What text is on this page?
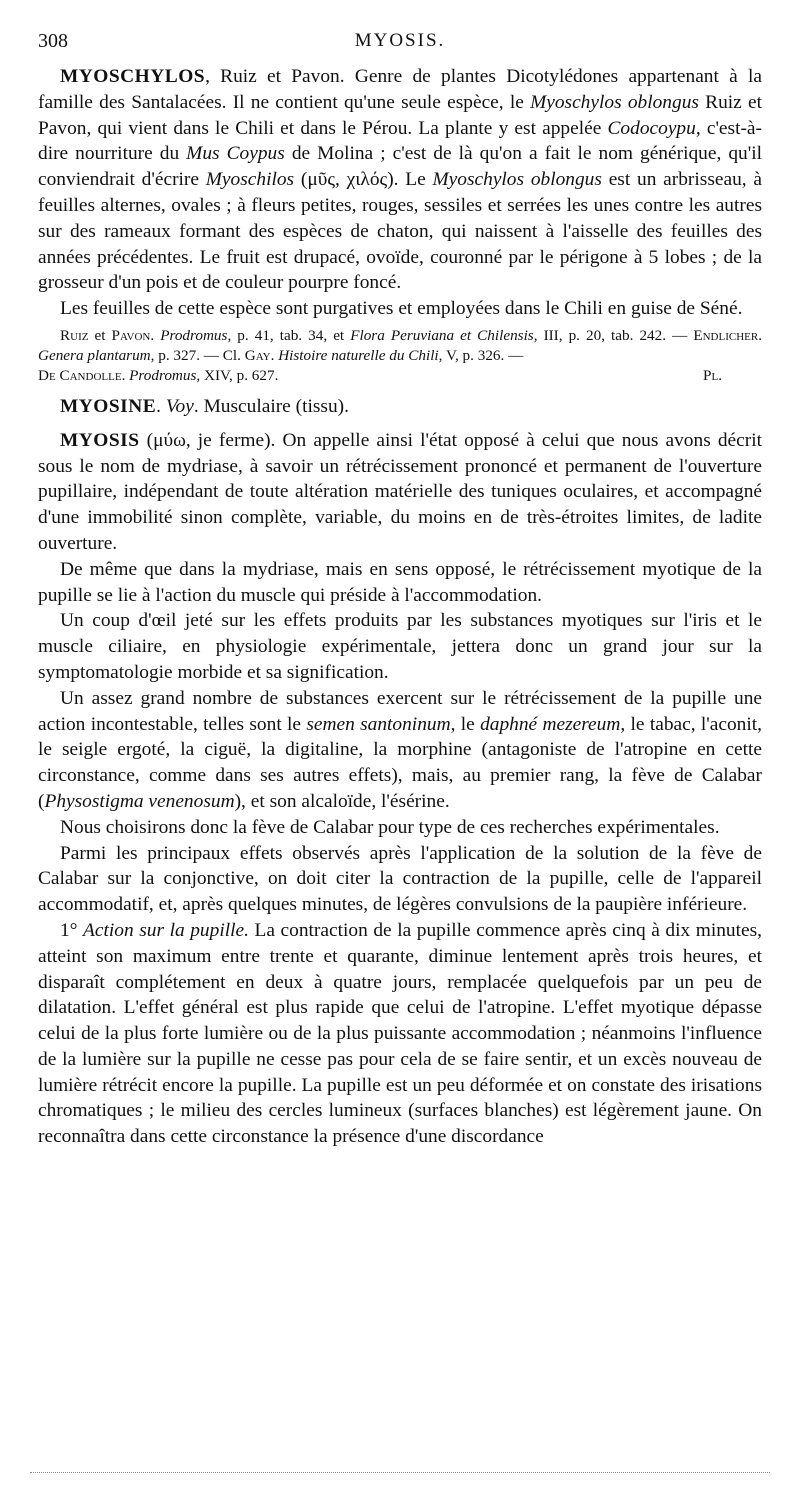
308	MYOSIS.

MYOSCHYLOS, Ruiz et Pavon. Genre de plantes Dicotylédones appartenant à la famille des Santalacées. Il ne contient qu'une seule espèce, le Myoschylos oblongus Ruiz et Pavon, qui vient dans le Chili et dans le Pérou. La plante y est appelée Codocoypu, c'est-à-dire nourriture du Mus Coypus de Molina ; c'est de là qu'on a fait le nom générique, qu'il conviendrait d'écrire Myoschilos (μῦς, χιλός). Le Myoschylos oblongus est un arbrisseau, à feuilles alternes, ovales ; à fleurs petites, rouges, sessiles et serrées les unes contre les autres sur des rameaux formant des espèces de chaton, qui naissent à l'aisselle des feuilles des années précédentes. Le fruit est drupacé, ovoïde, couronné par le périgone à 5 lobes ; de la grosseur d'un pois et de couleur pourpre foncé.

Les feuilles de cette espèce sont purgatives et employées dans le Chili en guise de Séné.

Ruiz et Pavon. Prodromus, p. 41, tab. 34, et Flora Peruviana et Chilensis, III, p. 20, tab. 242. — Endlicher. Genera plantarum, p. 327. — Cl. Gay. Histoire naturelle du Chili, V, p. 326. —

De Candolle. Prodromus, XIV, p. 627.	Pl.

MYOSINE. Voy. Musculaire (tissu).

MYOSIS (μύω, je ferme). On appelle ainsi l'état opposé à celui que nous avons décrit sous le nom de mydriase, à savoir un rétrécissement prononcé et permanent de l'ouverture pupillaire, indépendant de toute altération matérielle des tuniques oculaires, et accompagné d'une immobilité sinon complète, variable, du moins en de très-étroites limites, de ladite ouverture.

De même que dans la mydriase, mais en sens opposé, le rétrécissement myotique de la pupille se lie à l'action du muscle qui préside à l'accommodation.

Un coup d'œil jeté sur les effets produits par les substances myotiques sur l'iris et le muscle ciliaire, en physiologie expérimentale, jettera donc un grand jour sur la symptomatologie morbide et sa signification.

Un assez grand nombre de substances exercent sur le rétrécissement de la pupille une action incontestable, telles sont le semen santoninum, le daphné mezereum, le tabac, l'aconit, le seigle ergoté, la ciguë, la digitaline, la morphine (antagoniste de l'atropine en cette circonstance, comme dans ses autres effets), mais, au premier rang, la fève de Calabar (Physostigma venenosum), et son alcaloïde, l'ésérine.

Nous choisirons donc la fève de Calabar pour type de ces recherches expérimentales.

Parmi les principaux effets observés après l'application de la solution de la fève de Calabar sur la conjonctive, on doit citer la contraction de la pupille, celle de l'appareil accommodatif, et, après quelques minutes, de légères convulsions de la paupière inférieure.

1° Action sur la pupille. La contraction de la pupille commence après cinq à dix minutes, atteint son maximum entre trente et quarante, diminue lentement après trois heures, et disparaît complétement en deux à quatre jours, remplacée quelquefois par un peu de dilatation. L'effet général est plus rapide que celui de l'atropine. L'effet myotique dépasse celui de la plus forte lumière ou de la plus puissante accommodation ; néanmoins l'influence de la lumière sur la pupille ne cesse pas pour cela de se faire sentir, et un excès nouveau de lumière rétrécit encore la pupille. La pupille est un peu déformée et on constate des irisations chromatiques ; le milieu des cercles lumineux (surfaces blanches) est légèrement jaune. On reconnaîtra dans cette circonstance la présence d'une discordance
